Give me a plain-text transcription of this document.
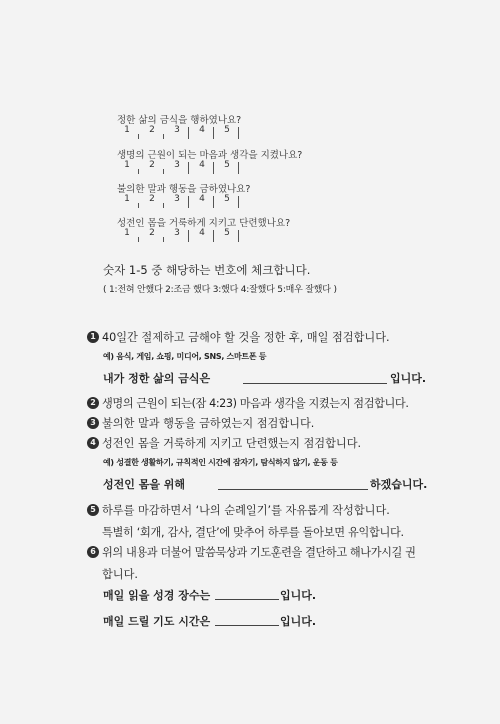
정한 삶의 금식을 행하였나요?
1	2	3	4	5
생명의 근원이 되는 마음과 생각을 지켰나요?
1	2	3	4	5
불의한 말과 행동을 금하였나요?
1	2	3	4	5
성전인 몸을 거룩하게 지키고 단련했나요?
1	2	3	4	5
숫자 1-5 중 해당하는 번호에 체크합니다.
( 1:전혀 안했다 2:조금 했다 3:했다 4:잘했다 5:매우 잘했다 )
1 40일간 절제하고 금해야 할 것을 정한 후, 매일 점검합니다.
예) 음식, 게임, 쇼핑, 미디어, SNS, 스마트폰 등
내가 정한 삶의 금식은	입니다.
2 생명의 근원이 되는(잠 4:23) 마음과 생각을 지켰는지 점검합니다.
3 불의한 말과 행동을 금하였는지 점검합니다.
4 성전인 몸을 거룩하게 지키고 단련했는지 점검합니다.
예) 성결한 생활하기, 규칙적인 시간에 잠자기, 탐식하지 않기, 운동 등
성전인 몸을 위해	하겠습니다.
5 하루를 마감하면서 ‘나의 순례일기’를 자유롭게 작성합니다.
특별히 ‘회개, 감사, 결단’에 맞추어 하루를 돌아보면 유익합니다.
6 위의 내용과 더불어 말씀묵상과 기도훈련을 결단하고 해나가시길 권
합니다.
매일 읽을 성경 장수는	입니다.
매일 드릴 기도 시간은	입니다.
